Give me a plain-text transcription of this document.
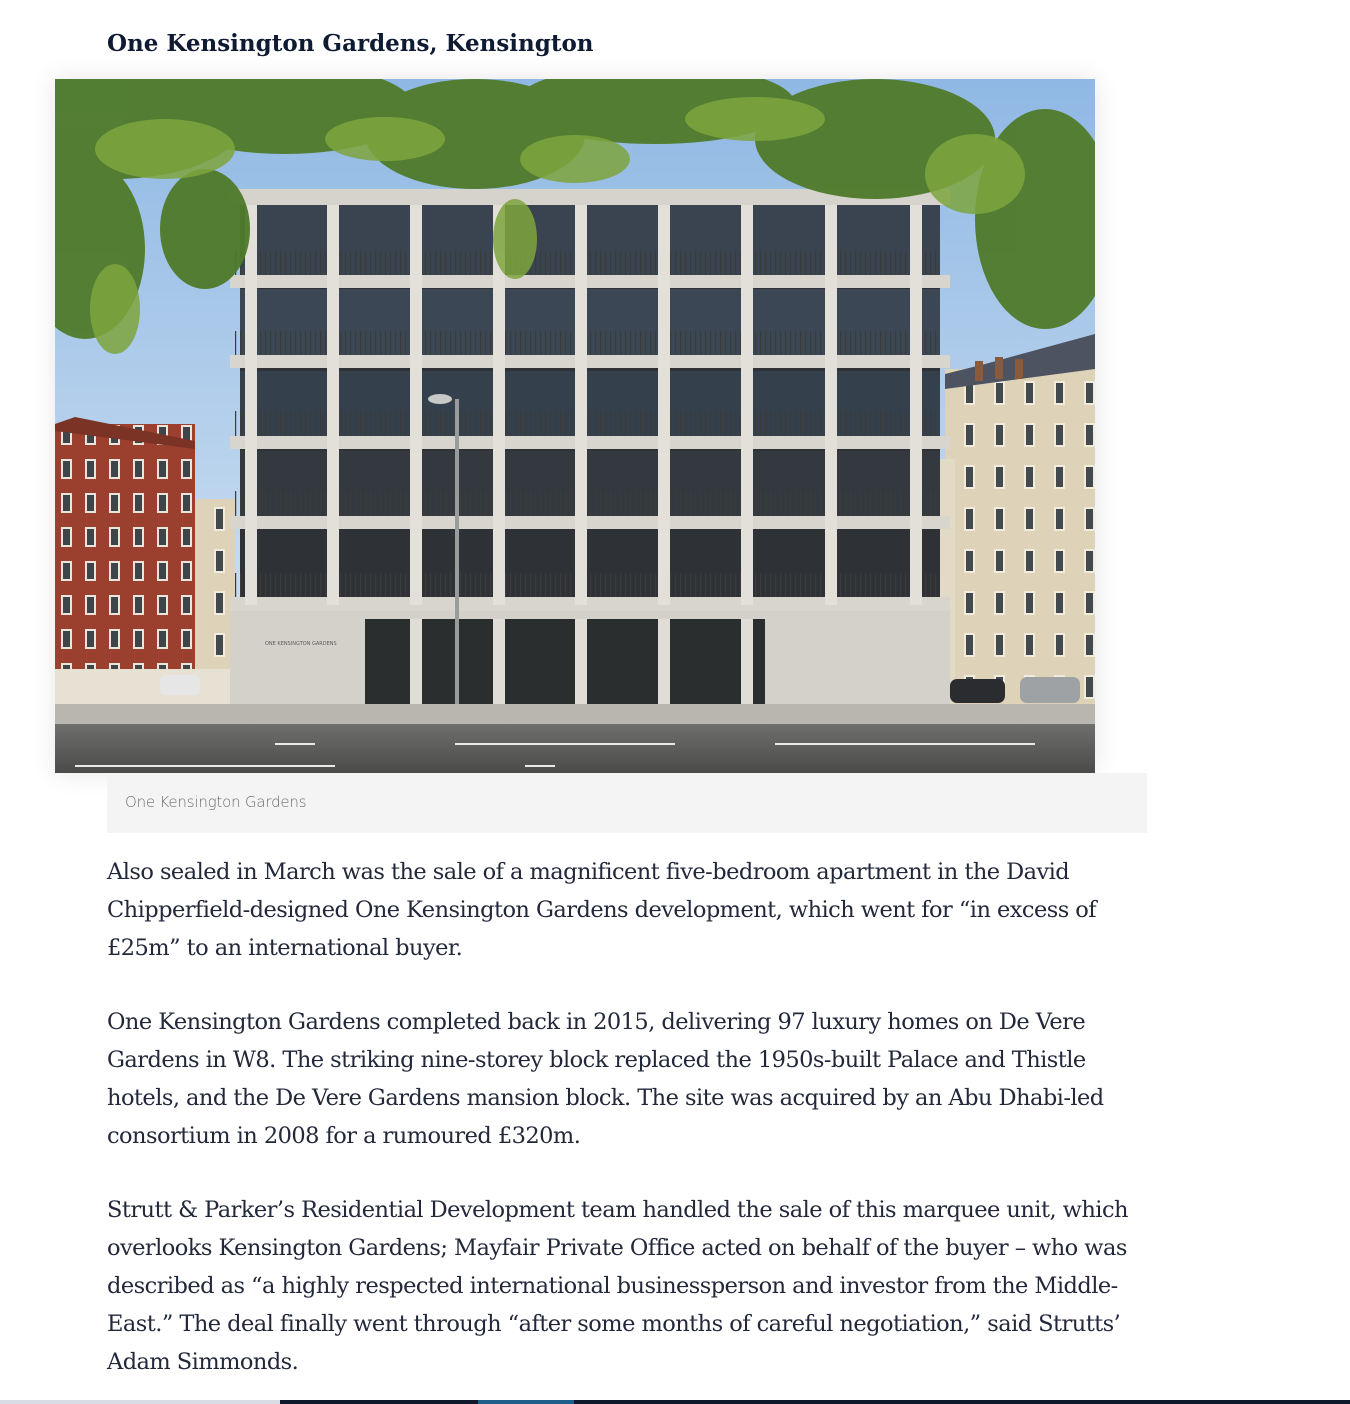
One Kensington Gardens, Kensington
ONE KENSINGTON GARDENS
One Kensington Gardens

Also sealed in March was the sale of a magnificent five-bedroom apartment in the David Chipperfield-designed One Kensington Gardens development, which went for “in excess of £25m” to an international buyer.

One Kensington Gardens completed back in 2015, delivering 97 luxury homes on De Vere Gardens in W8. The striking nine-storey block replaced the 1950s-built Palace and Thistle hotels, and the De Vere Gardens mansion block. The site was acquired by an Abu Dhabi-led consortium in 2008 for a rumoured £320m.

Strutt & Parker’s Residential Development team handled the sale of this marquee unit, which overlooks Kensington Gardens; Mayfair Private Office acted on behalf of the buyer – who was described as “a highly respected international businessperson and investor from the Middle-East.” The deal finally went through “after some months of careful negotiation,” said Strutts’ Adam Simmonds.
